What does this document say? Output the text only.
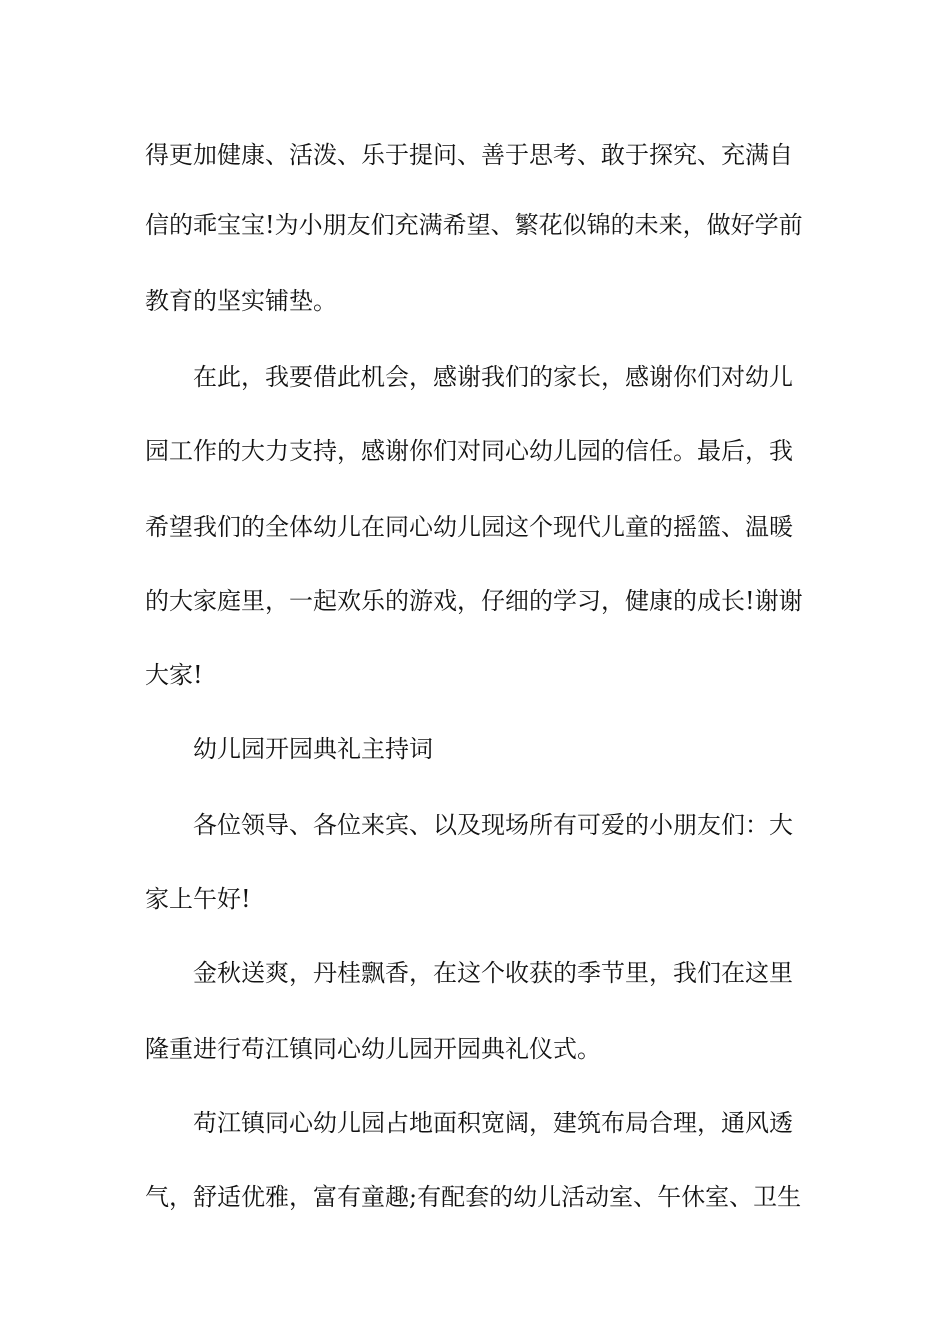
得更加健康、活泼、乐于提问、善于思考、敢于探究、充满自
信的乖宝宝!为小朋友们充满希望、繁花似锦的未来，做好学前
教育的坚实铺垫。
在此，我要借此机会，感谢我们的家长，感谢你们对幼儿
园工作的大力支持，感谢你们对同心幼儿园的信任。最后，我
希望我们的全体幼儿在同心幼儿园这个现代儿童的摇篮、温暖
的大家庭里，一起欢乐的游戏，仔细的学习，健康的成长!谢谢
大家!
幼儿园开园典礼主持词
各位领导、各位来宾、以及现场所有可爱的小朋友们：大
家上午好!
金秋送爽，丹桂飘香，在这个收获的季节里，我们在这里
隆重进行苟江镇同心幼儿园开园典礼仪式。
苟江镇同心幼儿园占地面积宽阔，建筑布局合理，通风透
气，舒适优雅，富有童趣;有配套的幼儿活动室、午休室、卫生
